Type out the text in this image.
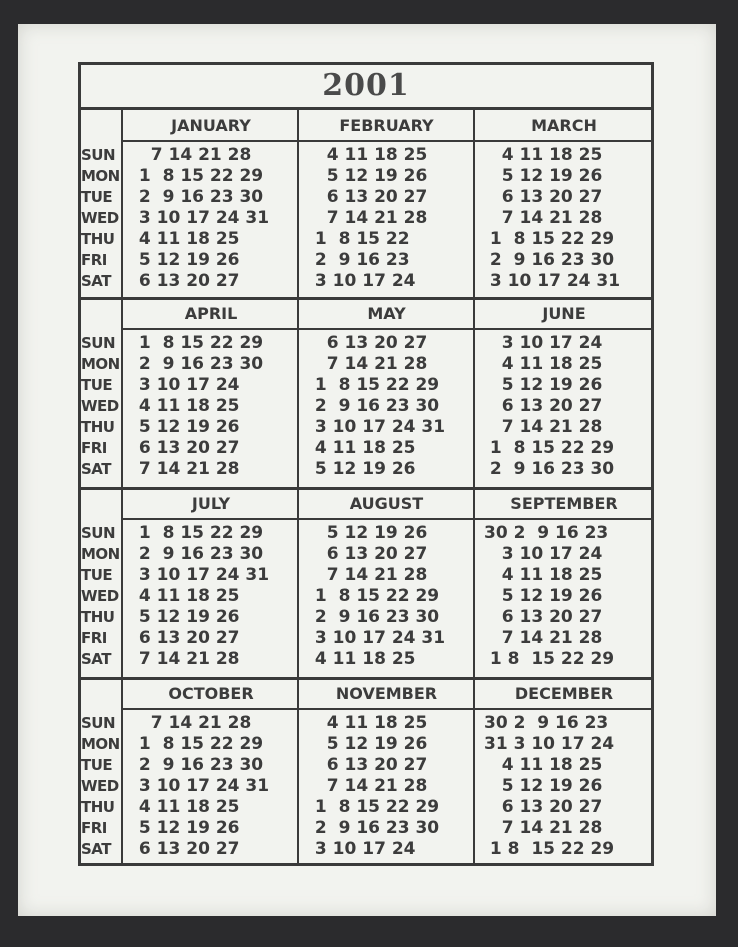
2001
SUN
MON
TUE
WED
THU
FRI
SAT
JANUARY
7 14 21 28
1  8 15 22 29
2  9 16 23 30
3 10 17 24 31
4 11 18 25
5 12 19 26
6 13 20 27
FEBRUARY
4 11 18 25
5 12 19 26
6 13 20 27
7 14 21 28
1  8 15 22
2  9 16 23
3 10 17 24
MARCH
4 11 18 25
5 12 19 26
6 13 20 27
7 14 21 28
1  8 15 22 29
2  9 16 23 30
3 10 17 24 31
SUN
MON
TUE
WED
THU
FRI
SAT
APRIL
1  8 15 22 29
2  9 16 23 30
3 10 17 24
4 11 18 25
5 12 19 26
6 13 20 27
7 14 21 28
MAY
6 13 20 27
7 14 21 28
1  8 15 22 29
2  9 16 23 30
3 10 17 24 31
4 11 18 25
5 12 19 26
JUNE
3 10 17 24
4 11 18 25
5 12 19 26
6 13 20 27
7 14 21 28
1  8 15 22 29
2  9 16 23 30
SUN
MON
TUE
WED
THU
FRI
SAT
JULY
1  8 15 22 29
2  9 16 23 30
3 10 17 24 31
4 11 18 25
5 12 19 26
6 13 20 27
7 14 21 28
AUGUST
5 12 19 26
6 13 20 27
7 14 21 28
1  8 15 22 29
2  9 16 23 30
3 10 17 24 31
4 11 18 25
SEPTEMBER
30 2  9 16 23
3 10 17 24
4 11 18 25
5 12 19 26
6 13 20 27
7 14 21 28
1 8  15 22 29
SUN
MON
TUE
WED
THU
FRI
SAT
OCTOBER
7 14 21 28
1  8 15 22 29
2  9 16 23 30
3 10 17 24 31
4 11 18 25
5 12 19 26
6 13 20 27
NOVEMBER
4 11 18 25
5 12 19 26
6 13 20 27
7 14 21 28
1  8 15 22 29
2  9 16 23 30
3 10 17 24
DECEMBER
30 2  9 16 23
31 3 10 17 24
4 11 18 25
5 12 19 26
6 13 20 27
7 14 21 28
1 8  15 22 29
